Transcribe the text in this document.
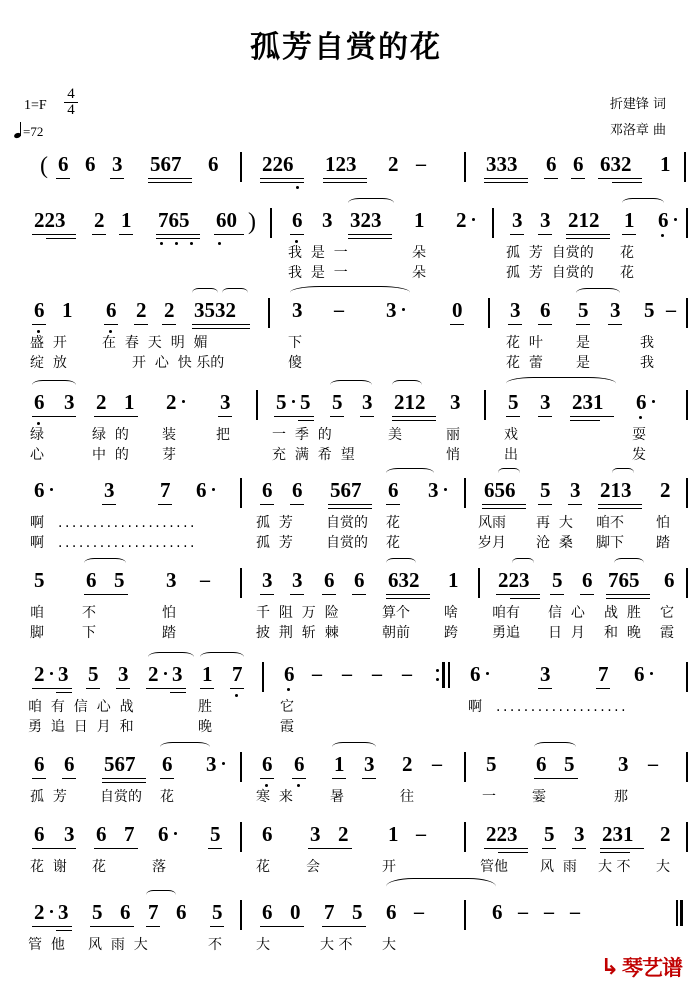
孤芳自赏的花
1=F
4
4
=72
折建锋 词
邓洛章 曲
( 6 6 3 567 6 226 123 2 –	333 6 6 632 1
223 2 1 765 60 ) 6 3 323 1 2 3 3 212 1 6
我  是  一	朵	孤  芳  自赏的 花
我  是  一	朵	孤  芳  自赏的 花
6 1 6 2 2 3532	3 – 3	0 3 6 5 3 5 –
盛  开	在  春  天  明  媚	下	花  叶 是	我
绽  放	开  心  快 乐的	傻	花  蕾 是	我
6 3 2 1 2 3 5 5 5 3 212 3 5 3 231 6
绿	绿  的 装	把	一  季  的	美	丽	戏	耍
心	中  的 芽	充  满  希  望	悄	出	发
6	3 7 6	6 6 567 6 3 656 5 3 213 2
啊 ....................	孤  芳 自赏的 花	风雨 再  大 咱不 怕
啊 ....................	孤  芳 自赏的 花	岁月 沧  桑 脚下 踏
5 6 5 3 – 3 3 6 6 632 1 223 5 6 765 6
咱	不	怕	千  阻  万  险	算个 啥 咱有 信  心 战  胜 它
脚	下	踏	披  荆  斩  棘	朝前 跨 勇追 日  月 和  晚 霞
2 3 5 3 2 3 1 7 6 – – – –	6	3 7 6
咱  有  信  心  战	胜	它	啊 ...................
勇  追  日  月  和	晚	霞
6 6 567 6 3 6 6 1 3 2 – 5 6 5 3 –
孤  芳 自赏的 花	寒  来	暑	往	一	霎	那
6 3 6 7 6 5 6 3 2 1 –	223 5 3 231 2
花  谢 花	落	花	会	开	管他 风  雨 大 不 大
2 3 5 6 7 6 5 6 0 7 5 6 –	6 – – –
管  他 风  雨  大	不 大	大 不 大
↳ 琴艺谱
